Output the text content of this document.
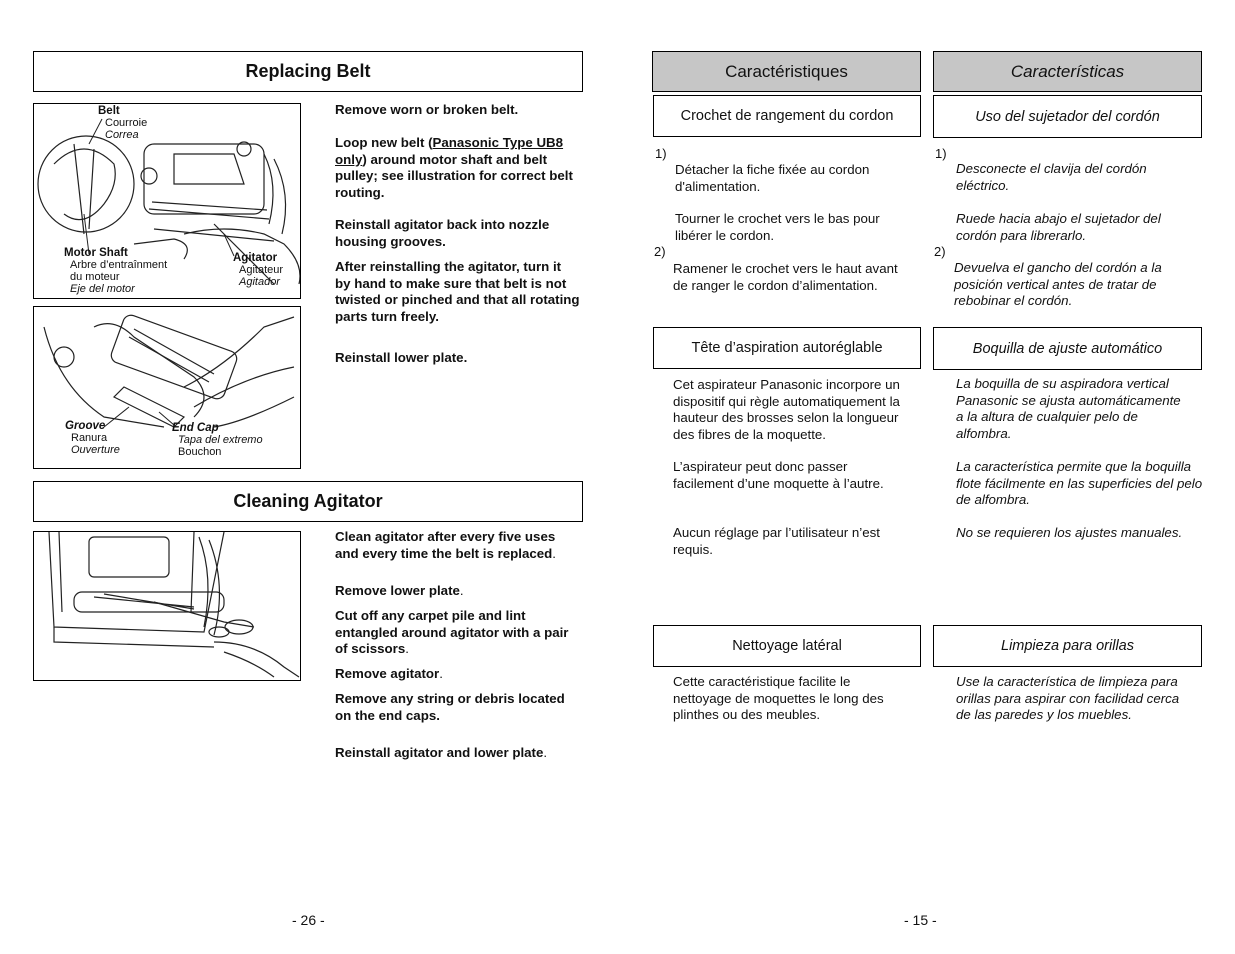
Replacing Belt
Belt
Courroie
Correa
Motor Shaft
Arbre d’entraînment
du moteur
Eje del motor
Agitator
Agitateur
Agitador
Groove
Ranura
Ouverture
End Cap
Tapa del extremo
Bouchon
Remove worn or broken belt.
Loop new belt (Panasonic Type UB8 only) around motor shaft and belt pulley; see illustration for correct belt routing.
Reinstall agitator back into nozzle housing grooves.
After reinstalling the agitator, turn it by hand to make sure that belt is not twisted or pinched and that all rotating parts turn freely.
Reinstall lower plate.
Cleaning Agitator
Clean agitator after every five uses and every time the belt is replaced.
Remove lower plate.
Cut off any carpet pile and lint entangled around agitator with a pair of scissors.
Remove agitator.
Remove any string or debris located on the end caps.
Reinstall agitator and lower plate.
- 26 -
Caractéristiques	Características
Crochet de rangement du cordon	Uso del sujetador del cordón
1)
Détacher la fiche fixée au cordon d'alimentation.
Tourner le crochet vers le bas pour libérer le cordon.
2)
Ramener le crochet vers le haut avant de ranger le cordon d’alimentation.
1)
Desconecte el clavija del cordón eléctrico.
Ruede hacia abajo el sujetador del cordón para librerarlo.
2)
Devuelva el gancho del cordón a la posición vertical antes de tratar de rebobinar el cordón.
Tête d’aspiration autoréglable	Boquilla de ajuste automático
Cet aspirateur Panasonic incorpore un dispositif qui règle automatiquement la hauteur des brosses selon la longueur des fibres de la moquette.
L’aspirateur peut donc passer facilement d’une moquette à l’autre.
Aucun réglage par l’utilisateur n’est requis.
La boquilla de su aspiradora vertical Panasonic se ajusta automáticamente a la altura de cualquier pelo de alfombra.
La característica permite que la boquilla flote fácilmente en las superficies del pelo de alfombra.
No se requieren los ajustes manuales.
Nettoyage latéral	Limpieza para orillas
Cette caractéristique facilite le nettoyage de moquettes le long des plinthes ou des meubles.
Use la característica de limpieza para orillas para aspirar con facilidad cerca de las paredes y los muebles.
- 15 -
